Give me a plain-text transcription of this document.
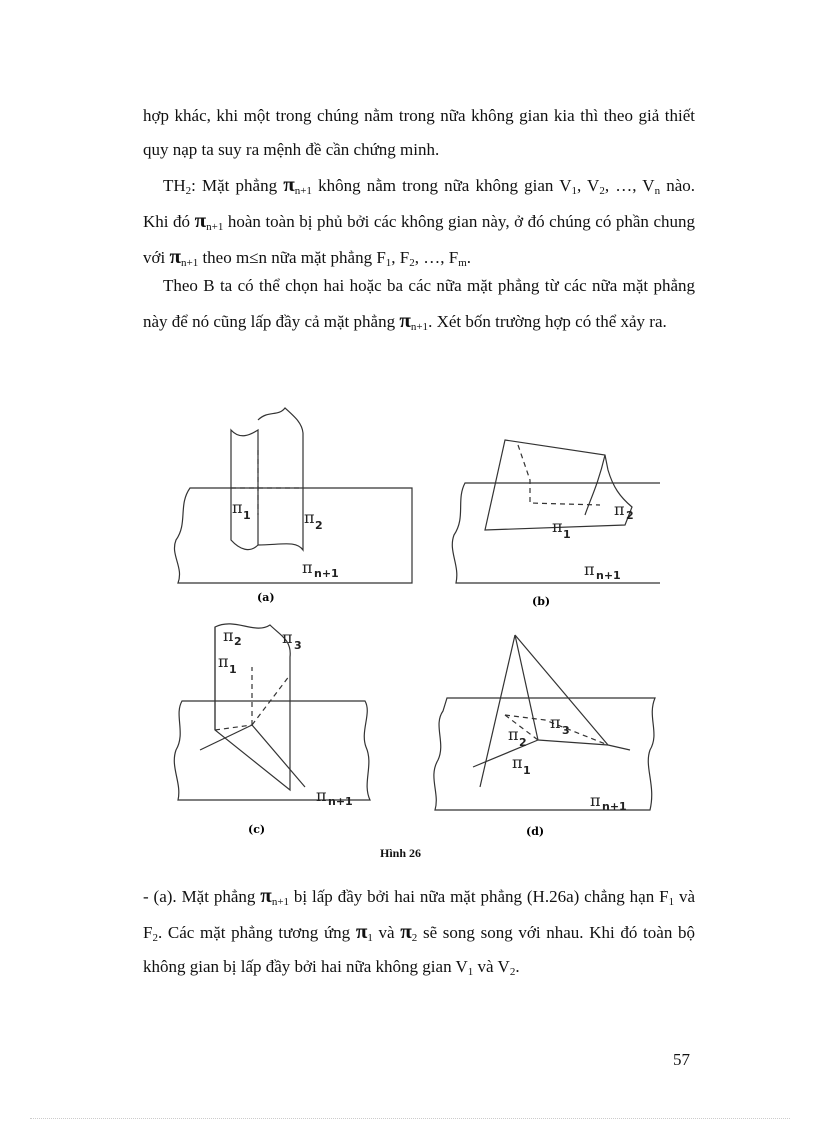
hợp khác, khi một trong chúng nằm trong nữa không gian kia thì theo giả thiết quy nạp ta suy ra mệnh đề cần chứng minh.

$TH_2$: Mặt phẳng $\pi_{n+1}$ không nằm trong nữa không gian $V_1$, $V_2$, …, $V_n$ nào. Khi đó $\pi_{n+1}$ hoàn toàn bị phủ bởi các không gian này, ở đó chúng có phần chung với $\pi_{n+1}$ theo m≤n nữa mặt phẳng $F_1$, $F_2$, …, $F_m$.

Theo B ta có thể chọn hai hoặc ba các nữa mặt phẳng từ các nữa mặt phẳng này để nó cũng lấp đầy cả mặt phẳng $\pi_{n+1}$. Xét bốn trường hợp có thể xảy ra.

π 1	π 2
π n+1
(a)
π 1
π 2
π n+1
(b)
π 1
π 2	π 3
π n+1
(c)
π 2
π 3
π 1
π n+1
(d)
Hình 26

- (a). Mặt phẳng $\pi_{n+1}$ bị lấp đầy bởi hai nữa mặt phẳng (H.26a) chẳng hạn $F_1$ và $F_2$. Các mặt phẳng tương ứng $\pi_1$ và $\pi_2$ sẽ song song với nhau. Khi đó toàn bộ không gian bị lấp đầy bởi hai nữa không gian $V_1$ và $V_2$.

57
